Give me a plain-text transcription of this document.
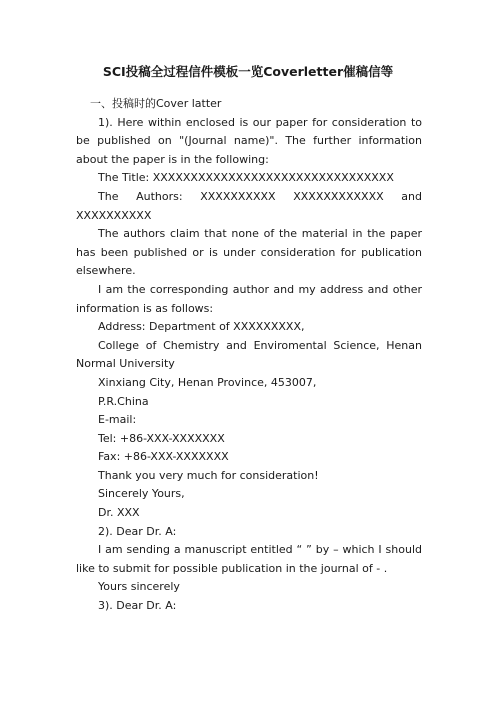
SCI投稿全过程信件模板一览Coverletter催稿信等

一、投稿时的Cover latter

1). Here within enclosed is our paper for consideration to be published on "(Journal name)". The further information about the paper is in the following:

The Title: XXXXXXXXXXXXXXXXXXXXXXXXXXXXXXXX

The Authors: XXXXXXXXXX XXXXXXXXXXXX and XXXXXXXXXX

The authors claim that none of the material in the paper has been published or is under consideration for publication elsewhere.

I am the corresponding author and my address and other information is as follows:

Address: Department of XXXXXXXXX,

College of Chemistry and Enviromental Science, Henan Normal University

Xinxiang City, Henan Province, 453007,

P.R.China

E-mail:

Tel: +86-XXX-XXXXXXX

Fax: +86-XXX-XXXXXXX

Thank you very much for consideration!

Sincerely Yours,

Dr. XXX

2). Dear Dr. A:

I am sending a manuscript entitled “ ” by – which I should like to submit for possible publication in the journal of - .

Yours sincerely

3). Dear Dr. A:
